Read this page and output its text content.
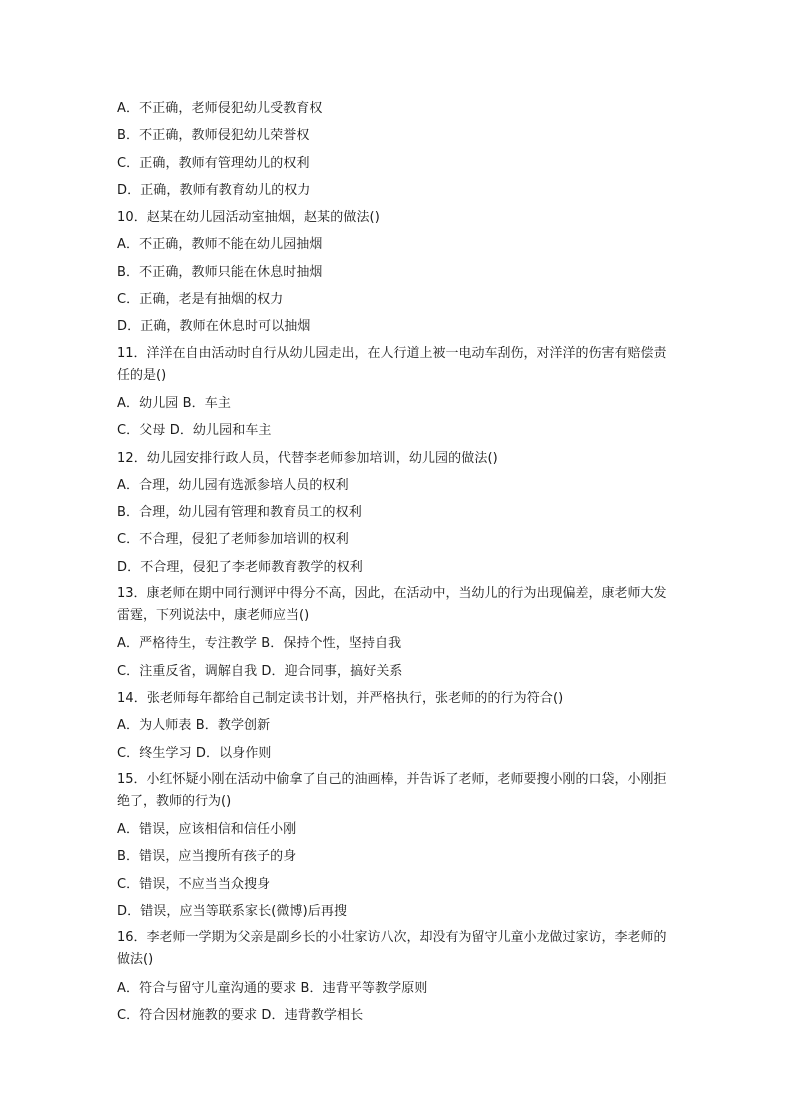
A．不正确，老师侵犯幼儿受教育权
B．不正确，教师侵犯幼儿荣誉权
C．正确，教师有管理幼儿的权利
D．正确，教师有教育幼儿的权力
10．赵某在幼儿园活动室抽烟，赵某的做法()
A．不正确，教师不能在幼儿园抽烟
B．不正确，教师只能在休息时抽烟
C．正确，老是有抽烟的权力
D．正确，教师在休息时可以抽烟
11．洋洋在自由活动时自行从幼儿园走出，在人行道上被一电动车刮伤，对洋洋的伤害有赔偿责任的是()
A．幼儿园 B．车主
C．父母 D．幼儿园和车主
12．幼儿园安排行政人员，代替李老师参加培训，幼儿园的做法()
A．合理，幼儿园有选派参培人员的权利
B．合理，幼儿园有管理和教育员工的权利
C．不合理，侵犯了老师参加培训的权利
D．不合理，侵犯了李老师教育教学的权利
13．康老师在期中同行测评中得分不高，因此，在活动中，当幼儿的行为出现偏差，康老师大发雷霆，下列说法中，康老师应当()
A．严格待生，专注教学 B．保持个性，坚持自我
C．注重反省，调解自我 D．迎合同事，搞好关系
14．张老师每年都给自己制定读书计划，并严格执行，张老师的的行为符合()
A．为人师表 B．教学创新
C．终生学习 D．以身作则
15．小红怀疑小刚在活动中偷拿了自己的油画棒，并告诉了老师，老师要搜小刚的口袋，小刚拒绝了，教师的行为()
A．错误，应该相信和信任小刚
B．错误，应当搜所有孩子的身
C．错误，不应当当众搜身
D．错误，应当等联系家长(微博)后再搜
16．李老师一学期为父亲是副乡长的小壮家访八次，却没有为留守儿童小龙做过家访，李老师的做法()
A．符合与留守儿童沟通的要求 B．违背平等教学原则
C．符合因材施教的要求 D．违背教学相长
